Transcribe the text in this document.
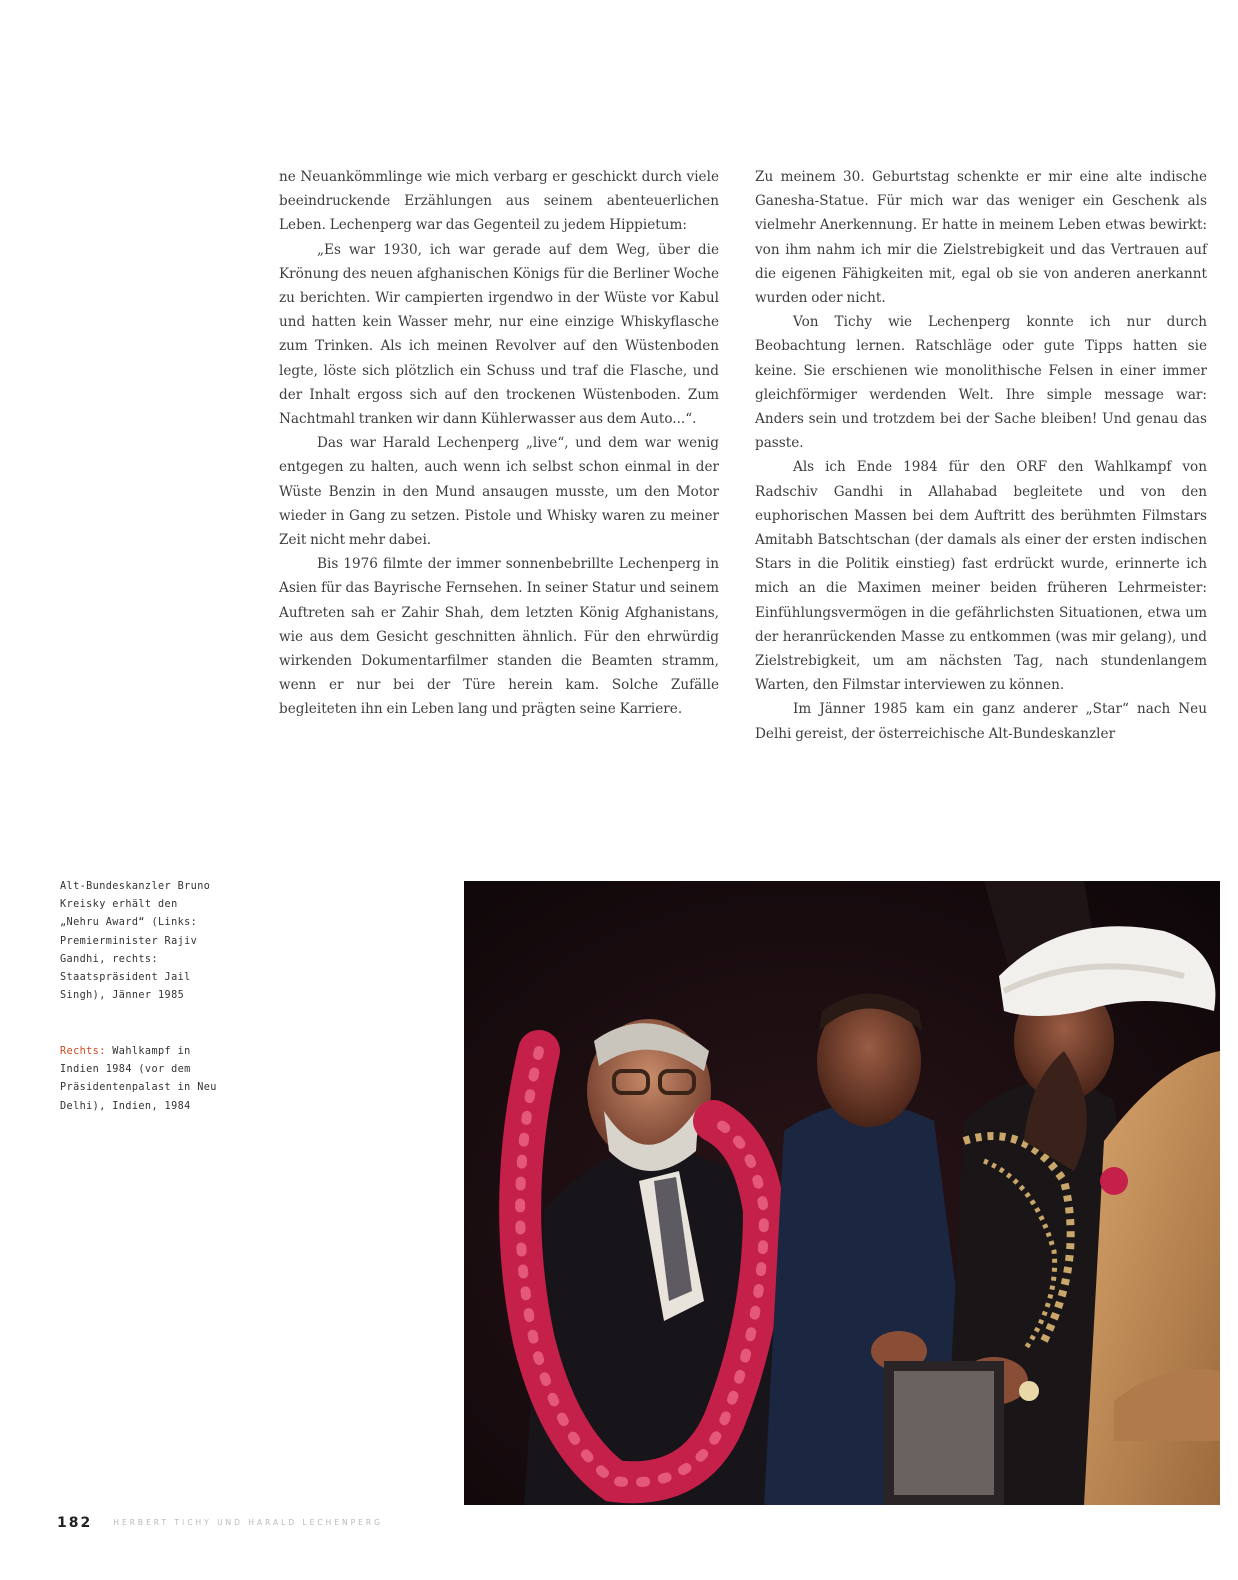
ne Neuankömmlinge wie mich verbarg er geschickt durch viele beeindruckende Erzählungen aus seinem abenteuerlichen Leben. Lechenperg war das Gegenteil zu jedem Hippietum:

„Es war 1930, ich war gerade auf dem Weg, über die Krönung des neuen afghanischen Königs für die Berliner Woche zu berichten. Wir campierten irgendwo in der Wüste vor Kabul und hatten kein Wasser mehr, nur eine einzige Whiskyflasche zum Trinken. Als ich meinen Revolver auf den Wüstenboden legte, löste sich plötzlich ein Schuss und traf die Flasche, und der Inhalt ergoss sich auf den trockenen Wüstenboden. Zum Nachtmahl tranken wir dann Kühlerwasser aus dem Auto...“.

Das war Harald Lechenperg „live“, und dem war wenig entgegen zu halten, auch wenn ich selbst schon einmal in der Wüste Benzin in den Mund ansaugen musste, um den Motor wieder in Gang zu setzen. Pistole und Whisky waren zu meiner Zeit nicht mehr dabei.

Bis 1976 filmte der immer sonnenbebrillte Lechenperg in Asien für das Bayrische Fernsehen. In seiner Statur und seinem Auftreten sah er Zahir Shah, dem letzten König Afghanistans, wie aus dem Gesicht geschnitten ähnlich. Für den ehrwürdig wirkenden Dokumentarfilmer standen die Beamten stramm, wenn er nur bei der Türe herein kam. Solche Zufälle begleiteten ihn ein Leben lang und prägten seine Karriere.

Zu meinem 30. Geburtstag schenkte er mir eine alte indische Ganesha-Statue. Für mich war das weniger ein Geschenk als vielmehr Anerkennung. Er hatte in meinem Leben etwas bewirkt: von ihm nahm ich mir die Zielstrebigkeit und das Vertrauen auf die eigenen Fähigkeiten mit, egal ob sie von anderen anerkannt wurden oder nicht.

Von Tichy wie Lechenperg konnte ich nur durch Beobachtung lernen. Ratschläge oder gute Tipps hatten sie keine. Sie erschienen wie monolithische Felsen in einer immer gleichförmiger werdenden Welt. Ihre simple message war: Anders sein und trotzdem bei der Sache bleiben! Und genau das passte.

Als ich Ende 1984 für den ORF den Wahlkampf von Radschiv Gandhi in Allahabad begleitete und von den euphorischen Massen bei dem Auftritt des berühmten Filmstars Amitabh Batschtschan (der damals als einer der ersten indischen Stars in die Politik einstieg) fast erdrückt wurde, erinnerte ich mich an die Maximen meiner beiden früheren Lehrmeister: Einfühlungsvermögen in die gefährlichsten Situationen, etwa um der heranrückenden Masse zu entkommen (was mir gelang), und Zielstrebigkeit, um am nächsten Tag, nach stundenlangem Warten, den Filmstar interviewen zu können.

Im Jänner 1985 kam ein ganz anderer „Star“ nach Neu Delhi gereist, der österreichische Alt-Bundeskanzler

Alt-Bundeskanzler Bruno Kreisky erhält den „Nehru Award“ (Links: Premierminister Rajiv Gandhi, rechts: Staatspräsident Jail Singh), Jänner 1985
Rechts: Wahlkampf in Indien 1984 (vor dem Präsidentenpalast in Neu Delhi), Indien, 1984
182	HERBERT TICHY UND HARALD LECHENPERG
